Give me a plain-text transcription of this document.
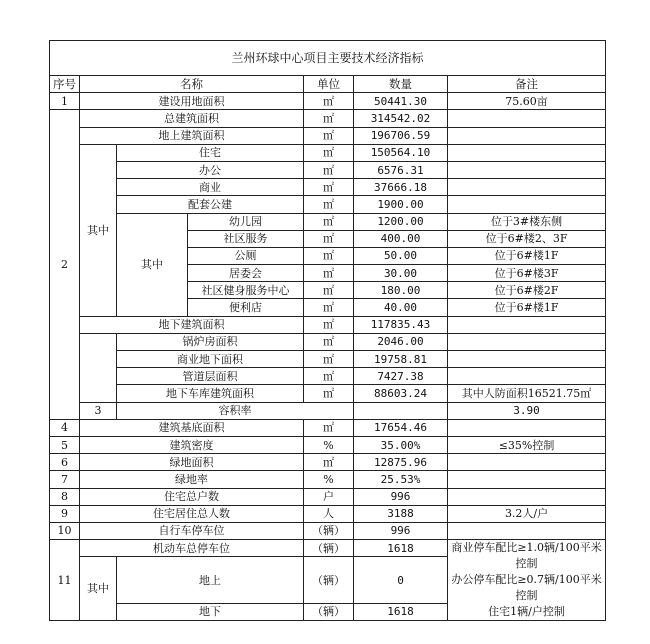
兰州环球中心项目主要技术经济指标							
序号	名称			单位	数量	备注	
1	建设用地面积			㎡	50441.30	75.60亩	
2	总建筑面积			㎡	314542.02		
	地上建筑面积			㎡	196706.59		
	其中	住宅		㎡	150564.10		
		办公		㎡	6576.31		
		商业		㎡	37666.18		
		配套公建		㎡	1900.00		
		其中	幼儿园	㎡	1200.00	位于3#楼东侧	
			社区服务	㎡	400.00	位于6#楼2、3F	
			公厕	㎡	50.00	位于6#楼1F	
			居委会	㎡	30.00	位于6#楼3F	
			社区健身服务中心	㎡	180.00	位于6#楼2F	
			便利店	㎡	40.00	位于6#楼1F	
	地下建筑面积			㎡	117835.43		
		锅炉房面积		㎡	2046.00		
		商业地下面积		㎡	19758.81		
		管道层面积		㎡	7427.38		
		地下车库建筑面积		㎡	88603.24	其中人防面积16521.75㎡	
	3	容积率				3.90	
4	建筑基底面积			㎡	17654.46		
5	建筑密度			%	35.00%	≤35%控制	
6	绿地面积			㎡	12875.96		
7	绿地率			%	25.53%		
8	住宅总户数			户	996		
9	住宅居住总人数			人	3188	3.2人/户	
10	自行车停车位			（辆）	996		
11	机动车总停车位			（辆）	1618	商业停车配比≥1.0辆/100平米控制
办公停车配比≥0.7辆/100平米控制
住宅1辆/户控制	

	其中	地上		（辆）	0		
		地下		（辆）	1618		
